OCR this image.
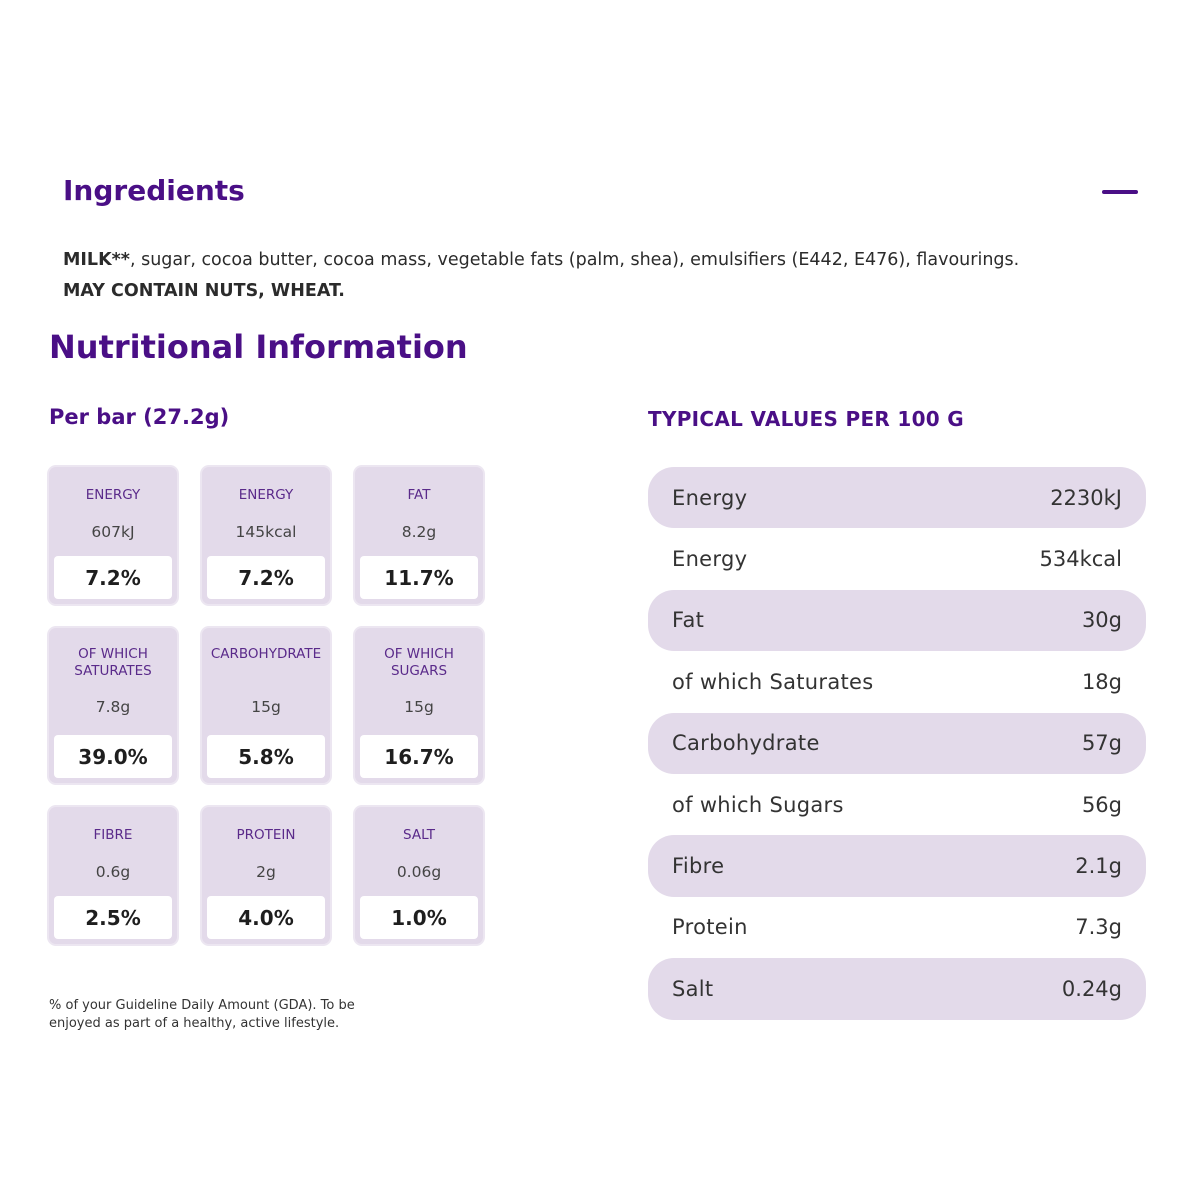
Ingredients
MILK**, sugar, cocoa butter, cocoa mass, vegetable fats (palm, shea), emulsifiers (E442, E476), flavourings.
MAY CONTAIN NUTS, WHEAT.
Nutritional Information
Per bar (27.2g)	TYPICAL VALUES PER 100 G
ENERGY
607kJ
7.2%
ENERGY
145kcal
7.2%
FAT
8.2g
11.7%
OF WHICH SATURATES
7.8g
39.0%
CARBOHYDRATE
15g
5.8%
OF WHICH SUGARS
15g
16.7%
FIBRE
0.6g
2.5%
PROTEIN
2g
4.0%
SALT
0.06g
1.0%
% of your Guideline Daily Amount (GDA). To be enjoyed as part of a healthy, active lifestyle.
Energy	2230kJ
Energy	534kcal
Fat	30g
of which Saturates	18g
Carbohydrate	57g
of which Sugars	56g
Fibre	2.1g
Protein	7.3g
Salt	0.24g
